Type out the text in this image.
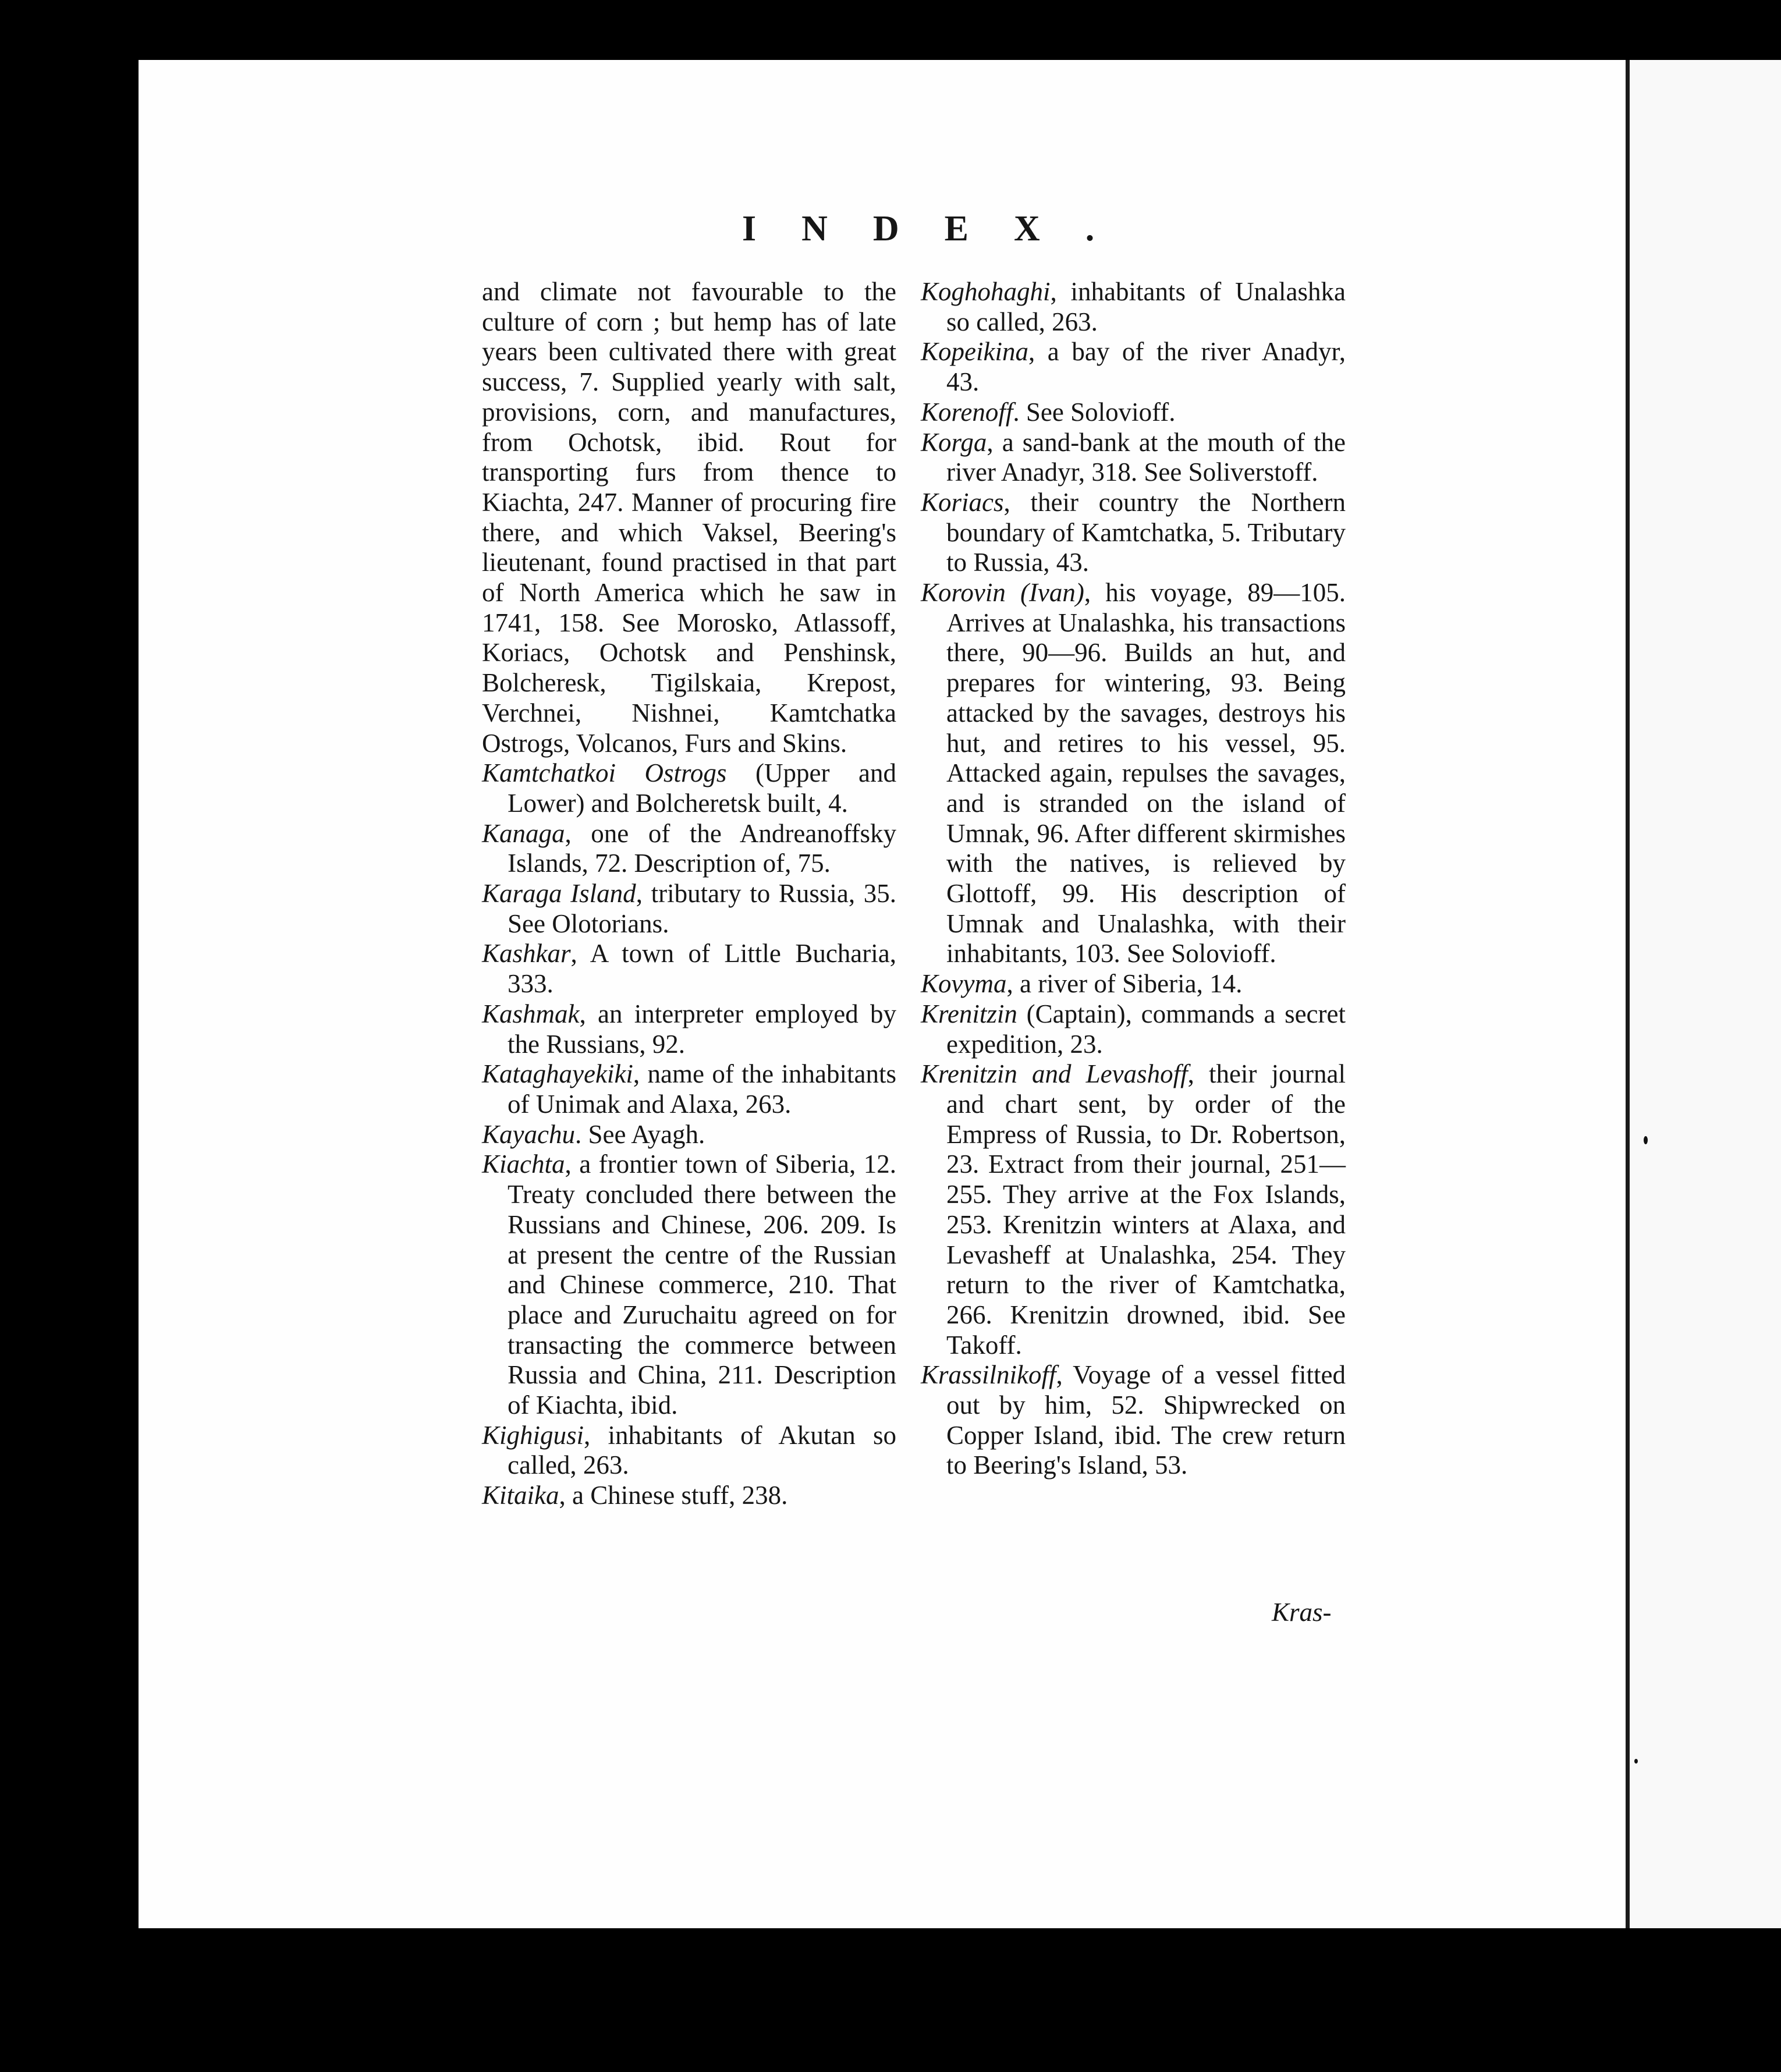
INDEX.

and climate not favourable to the culture of corn ; but hemp has of late years been cultivated there with great success, 7. Supplied yearly with salt, provisions, corn, and manufactures, from Ochotsk, ibid. Rout for transporting furs from thence to Kiachta, 247. Manner of procuring fire there, and which Vaksel, Beering's lieutenant, found practised in that part of North America which he saw in 1741, 158. See Morosko, Atlassoff, Koriacs, Ochotsk and Penshinsk, Bolcheresk, Tigilskaia, Krepost, Verchnei, Nishnei, Kamtchatka Ostrogs, Volcanos, Furs and Skins.

Kamtchatkoi Ostrogs (Upper and Lower) and Bolcheretsk built, 4.

Kanaga, one of the Andreanoffsky Islands, 72. Description of, 75.

Karaga Island, tributary to Russia, 35. See Olotorians.

Kashkar, A town of Little Bucharia, 333.

Kashmak, an interpreter employed by the Russians, 92.

Kataghayekiki, name of the inhabitants of Unimak and Alaxa, 263.

Kayachu. See Ayagh.

Kiachta, a frontier town of Siberia, 12. Treaty concluded there between the Russians and Chinese, 206. 209. Is at present the centre of the Russian and Chinese commerce, 210. That place and Zuruchaitu agreed on for transacting the commerce between Russia and China, 211. Description of Kiachta, ibid.

Kighigusi, inhabitants of Akutan so called, 263.

Kitaika, a Chinese stuff, 238.

Koghohaghi, inhabitants of Unalashka so called, 263.

Kopeikina, a bay of the river Anadyr, 43.

Korenoff. See Solovioff.

Korga, a sand-bank at the mouth of the river Anadyr, 318. See Soliverstoff.

Koriacs, their country the Northern boundary of Kamtchatka, 5. Tributary to Russia, 43.

Korovin (Ivan), his voyage, 89—105. Arrives at Unalashka, his transactions there, 90—96. Builds an hut, and prepares for wintering, 93. Being attacked by the savages, destroys his hut, and retires to his vessel, 95. Attacked again, repulses the savages, and is stranded on the island of Umnak, 96. After different skirmishes with the natives, is relieved by Glottoff, 99. His description of Umnak and Unalashka, with their inhabitants, 103. See Solovioff.

Kovyma, a river of Siberia, 14.

Krenitzin (Captain), commands a secret expedition, 23.

Krenitzin and Levashoff, their journal and chart sent, by order of the Empress of Russia, to Dr. Robertson, 23. Extract from their journal, 251—255. They arrive at the Fox Islands, 253. Krenitzin winters at Alaxa, and Levasheff at Unalashka, 254. They return to the river of Kamtchatka, 266. Krenitzin drowned, ibid. See Takoff.

Krassilnikoff, Voyage of a vessel fitted out by him, 52. Shipwrecked on Copper Island, ibid. The crew return to Beering's Island, 53.

Kras-
